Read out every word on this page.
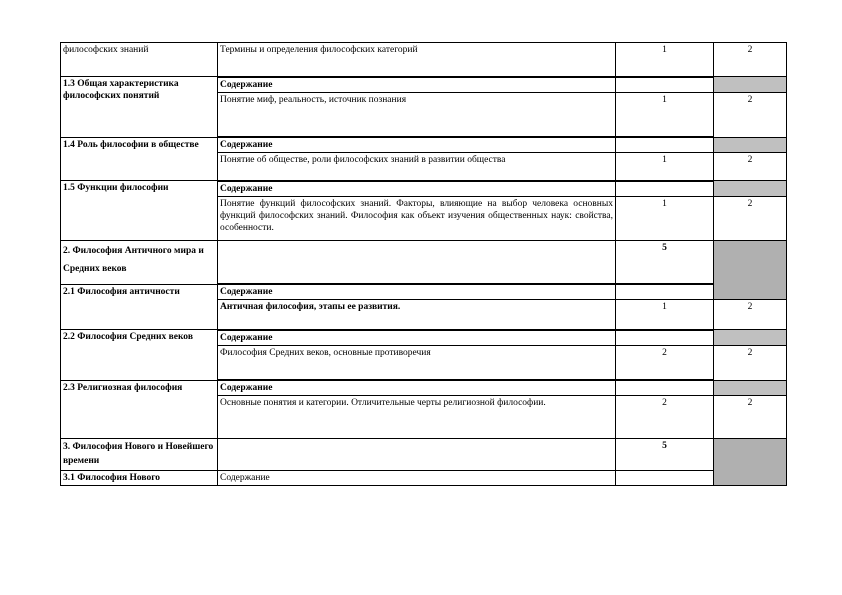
философских знаний	Термины и определения философских категорий	1	2
1.3 Общая характеристика философских понятий	Содержание		
	Понятие миф, реальность, источник познания	1	2
1.4 Роль философии в обществе	Содержание		
	Понятие об обществе, роли философских знаний в развитии общества	1	2
1.5 Функции философии	Содержание		
	Понятие функций философских знаний. Факторы, влияющие на выбор человека основных функций философских знаний. Философия как объект изучения общественных наук: свойства, особенности.	1	2
2. Философия Античного мира и Средних веков		5	
2.1 Философия античности	Содержание		
	Античная философия, этапы ее развития.	1	2
2.2 Философия Средних веков	Содержание		
	Философия Средних веков, основные противоречия	2	2
2.3 Религиозная философия	Содержание		
	Основные понятия и категории. Отличительные черты религиозной философии.	2	2
3. Философия Нового и Новейшего времени		5	
3.1 Философия Нового	Содержание		
